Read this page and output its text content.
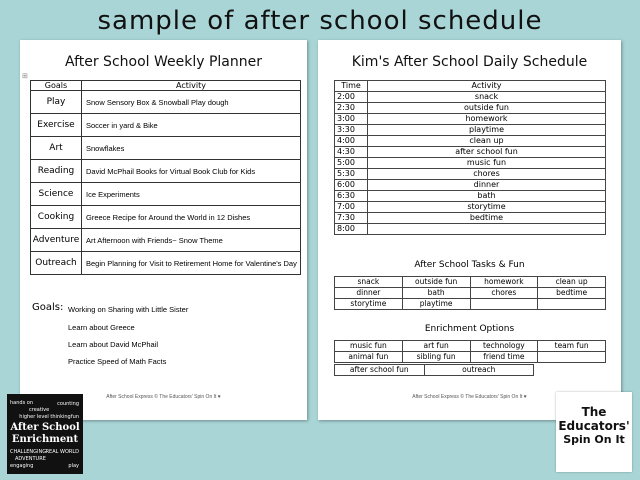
sample of after school schedule
After School Weekly Planner
⊞
Goals	Activity
Play	Snow Sensory Box & Snowball Play dough
Exercise	Soccer in yard & Bike
Art	Snowflakes
Reading	David McPhail Books for Virtual Book Club for Kids
Science	Ice Experiments
Cooking	Greece Recipe for Around the World in 12 Dishes
Adventure	Art Afternoon with Friends~ Snow Theme
Outreach	Begin Planning for Visit to Retirement Home for Valentine's Day
Goals: Working on Sharing with Little Sister
Learn about Greece
Learn about David McPhail
Practice Speed of Math Facts
After School Express © The Educators' Spin On It ♥
Kim's After School Daily Schedule
Time	Activity
2:00	snack
2:30	outside fun
3:00	homework
3:30	playtime
4:00	clean up
4:30	after school fun
5:00	music fun
5:30	chores
6:00	dinner
6:30	bath
7:00	storytime
7:30	bedtime
8:00	
After School Tasks & Fun
snack	outside fun	homework	clean up
dinner	bath	chores	bedtime
storytime	playtime		
Enrichment Options
music fun	art fun	technology	team fun
animal fun	sibling fun	friend time	
after school fun	outreach
After School Express © The Educators' Spin On It ♥
hands on
creative
counting
higher level thinking fun
After School
Enrichment
CHALLENGING REAL WORLD
ADVENTURE
engaging	play
The
Educators'
Spin On It
